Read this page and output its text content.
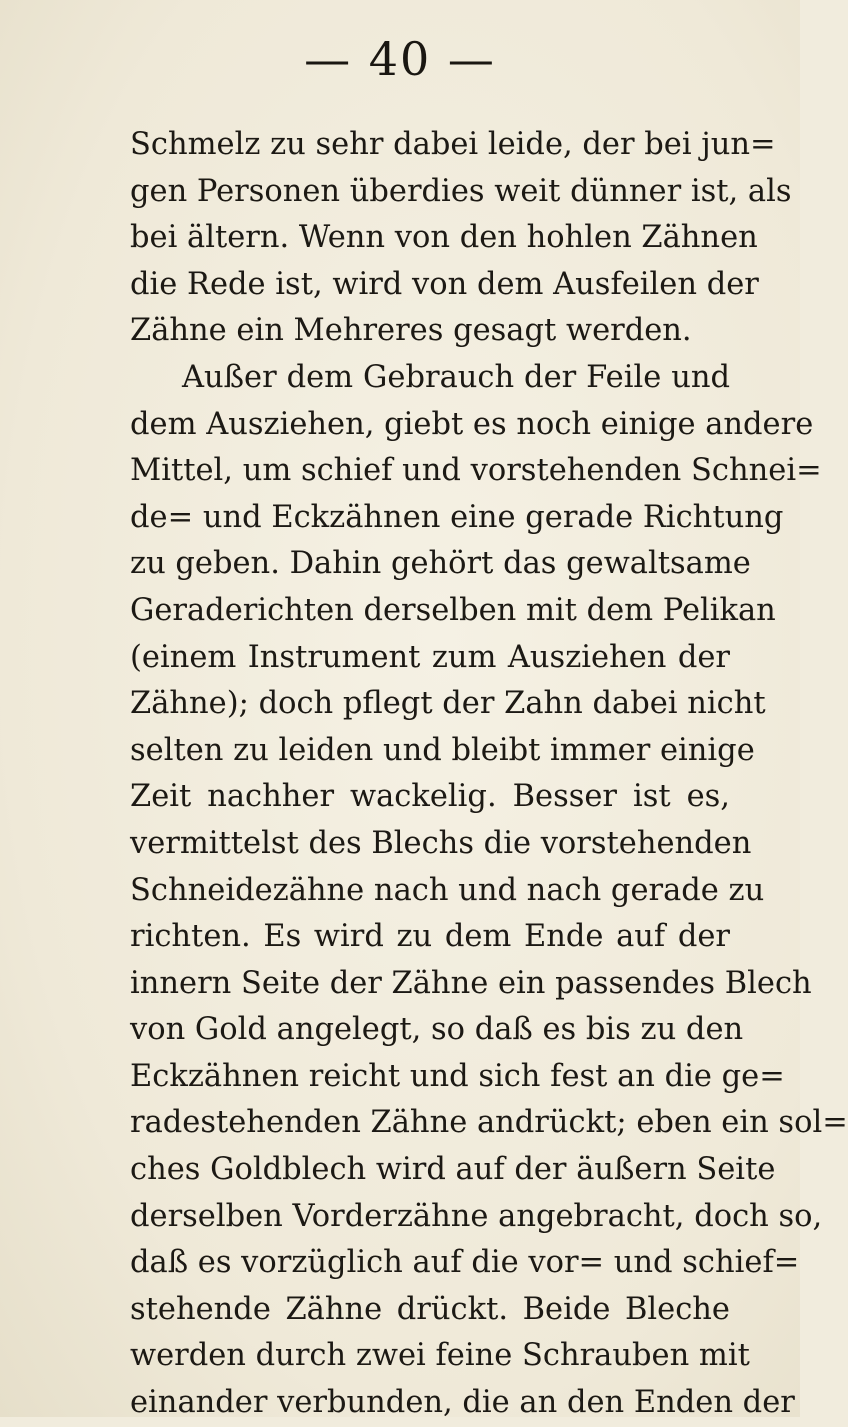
— 40 —
Schmelz zu sehr dabei leide, der bei jun=
gen Personen überdies weit dünner ist, als
bei ältern. Wenn von den hohlen Zähnen
die Rede ist, wird von dem Ausfeilen der
Zähne ein Mehreres gesagt werden.
Außer dem Gebrauch der Feile und
dem Ausziehen, giebt es noch einige andere
Mittel, um schief und vorstehenden Schnei=
de= und Eckzähnen eine gerade Richtung
zu geben. Dahin gehört das gewaltsame
Geraderichten derselben mit dem Pelikan
(einem Instrument zum Ausziehen der
Zähne); doch pflegt der Zahn dabei nicht
selten zu leiden und bleibt immer einige
Zeit nachher wackelig. Besser ist es,
vermittelst des Blechs die vorstehenden
Schneidezähne nach und nach gerade zu
richten. Es wird zu dem Ende auf der
innern Seite der Zähne ein passendes Blech
von Gold angelegt, so daß es bis zu den
Eckzähnen reicht und sich fest an die ge=
radestehenden Zähne andrückt; eben ein sol=
ches Goldblech wird auf der äußern Seite
derselben Vorderzähne angebracht, doch so,
daß es vorzüglich auf die vor= und schief=
stehende Zähne drückt. Beide Bleche
werden durch zwei feine Schrauben mit
einander verbunden, die an den Enden der
